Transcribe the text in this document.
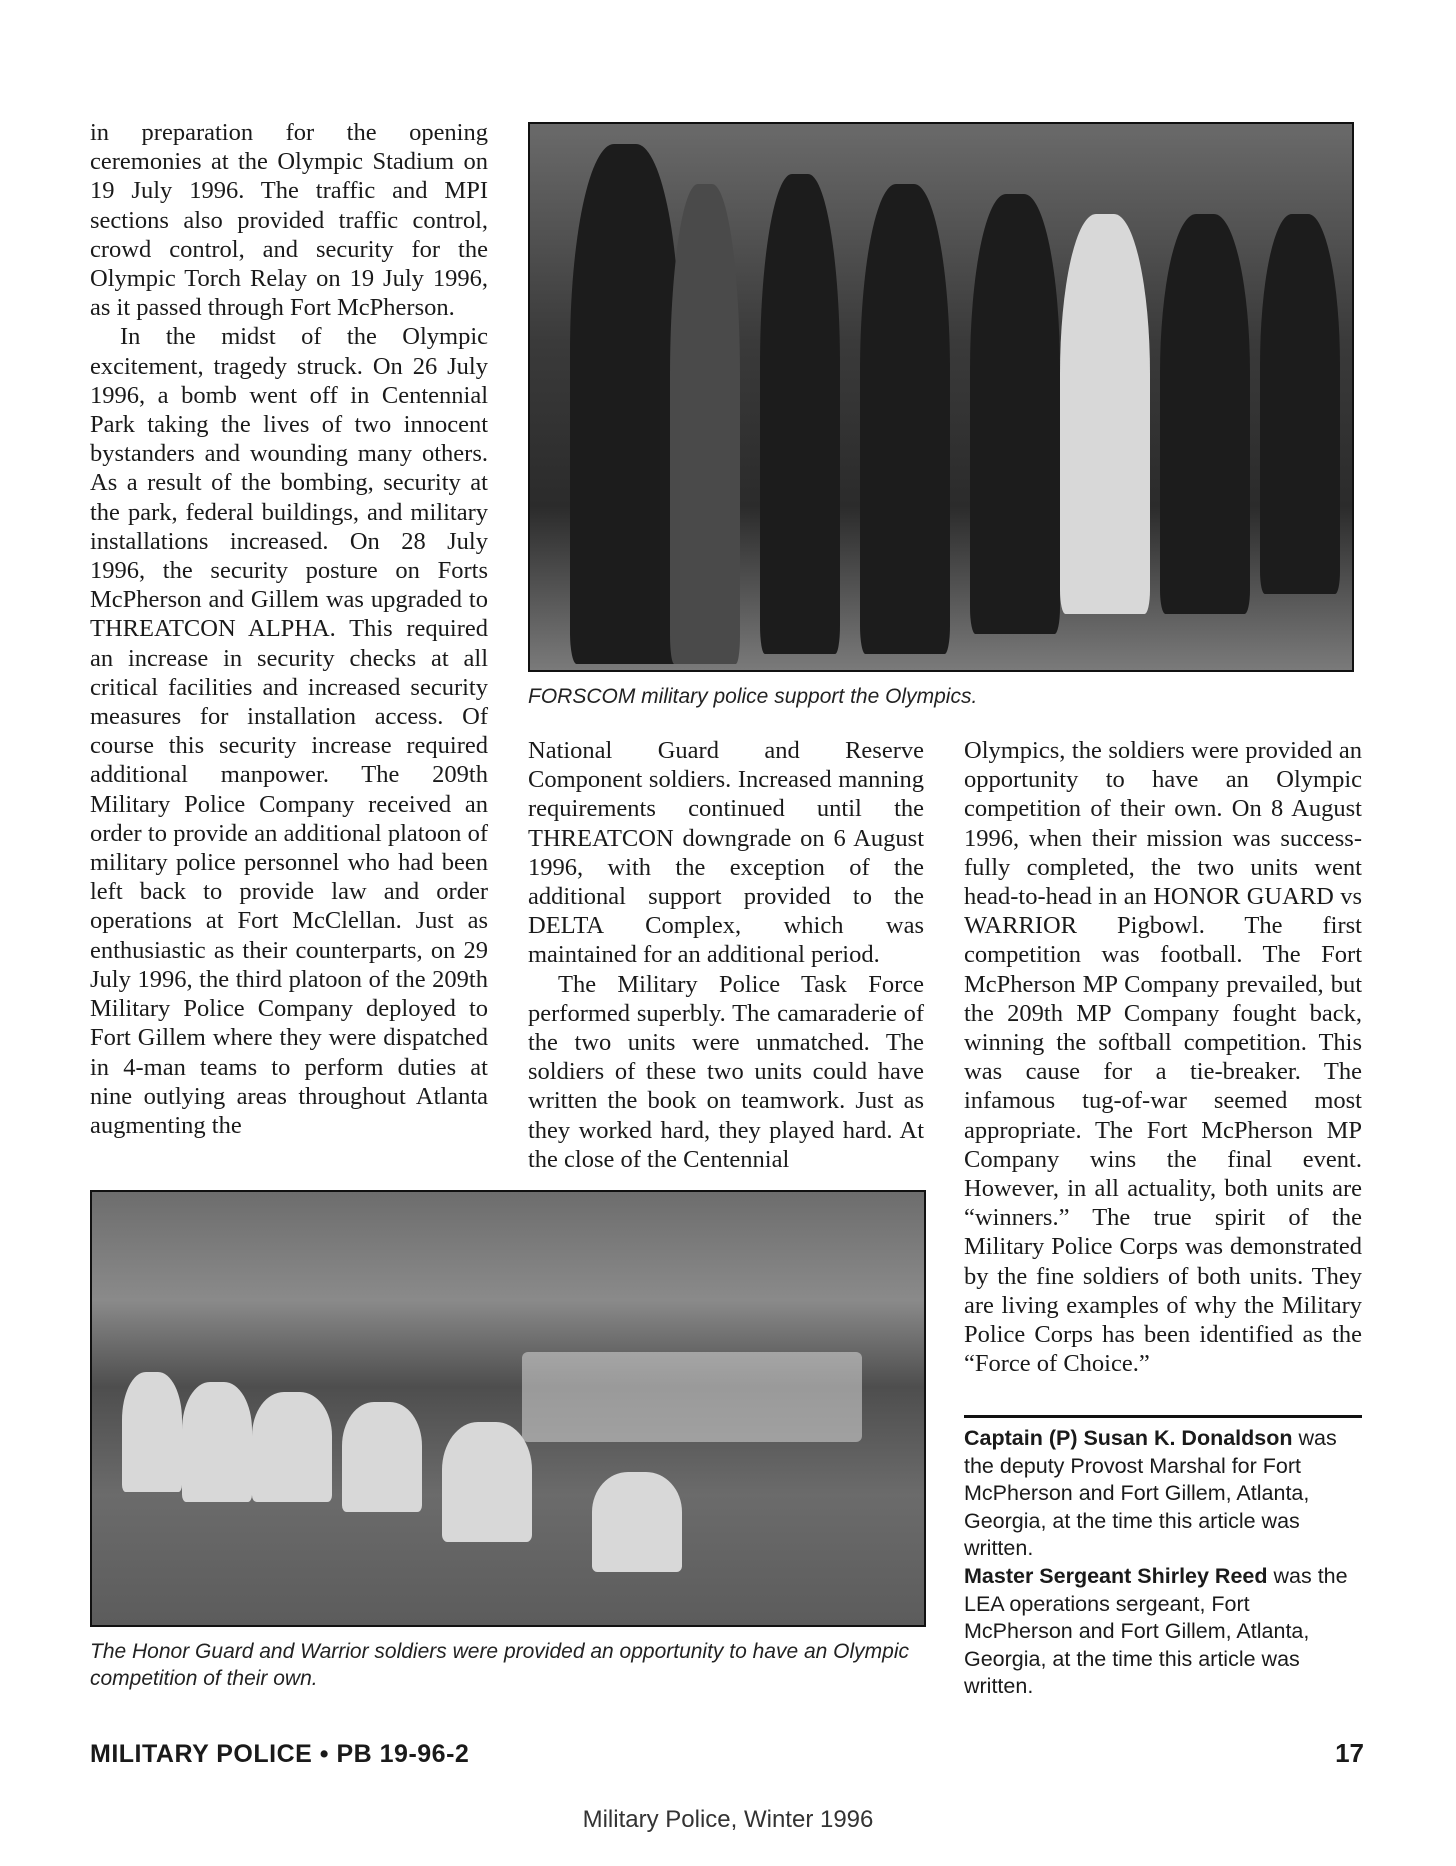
in preparation for the opening ceremonies at the Olympic Stadium on 19 July 1996. The traffic and MPI sections also provided traffic control, crowd control, and security for the Olympic Torch Relay on 19 July 1996, as it passed through Fort McPherson.

In the midst of the Olympic excitement, tragedy struck. On 26 July 1996, a bomb went off in Centennial Park taking the lives of two innocent bystanders and wounding many others. As a result of the bombing, security at the park, federal buildings, and military installations increased. On 28 July 1996, the security posture on Forts McPherson and Gillem was upgraded to THREATCON ALPHA. This required an increase in security checks at all critical facilities and increased security measures for installation access. Of course this security increase required additional manpower. The 209th Military Police Company received an order to provide an additional platoon of military police personnel who had been left back to provide law and order operations at Fort McClellan. Just as enthusiastic as their counterparts, on 29 July 1996, the third platoon of the 209th Military Police Company deployed to Fort Gillem where they were dispatched in 4-man teams to perform duties at nine outlying areas throughout Atlanta augmenting the

FORSCOM military police support the Olympics.

National Guard and Reserve Component soldiers. Increased manning requirements continued until the THREATCON downgrade on 6 August 1996, with the exception of the additional support provided to the DELTA Complex, which was maintained for an additional period.

The Military Police Task Force performed superbly. The camaraderie of the two units were unmatched. The soldiers of these two units could have written the book on teamwork. Just as they worked hard, they played hard. At the close of the Centennial

Olympics, the soldiers were provided an opportunity to have an Olympic competition of their own. On 8 August 1996, when their mission was success-fully completed, the two units went head-to-head in an HONOR GUARD vs WARRIOR Pigbowl. The first competition was football. The Fort McPherson MP Company prevailed, but the 209th MP Company fought back, winning the softball competition. This was cause for a tie-breaker. The infamous tug-of-war seemed most appropriate. The Fort McPherson MP Company wins the final event. However, in all actuality, both units are “winners.” The true spirit of the Military Police Corps was demonstrated by the fine soldiers of both units. They are living examples of why the Military Police Corps has been identified as the “Force of Choice.”

The Honor Guard and Warrior soldiers were provided an opportunity to have an Olympic competition of their own.

Captain (P) Susan K. Donaldson was the deputy Provost Marshal for Fort McPherson and Fort Gillem, Atlanta, Georgia, at the time this article was written.

Master Sergeant Shirley Reed was the LEA operations sergeant, Fort McPherson and Fort Gillem, Atlanta, Georgia, at the time this article was written.

MILITARY POLICE • PB 19-96-2	17
Military Police, Winter 1996
